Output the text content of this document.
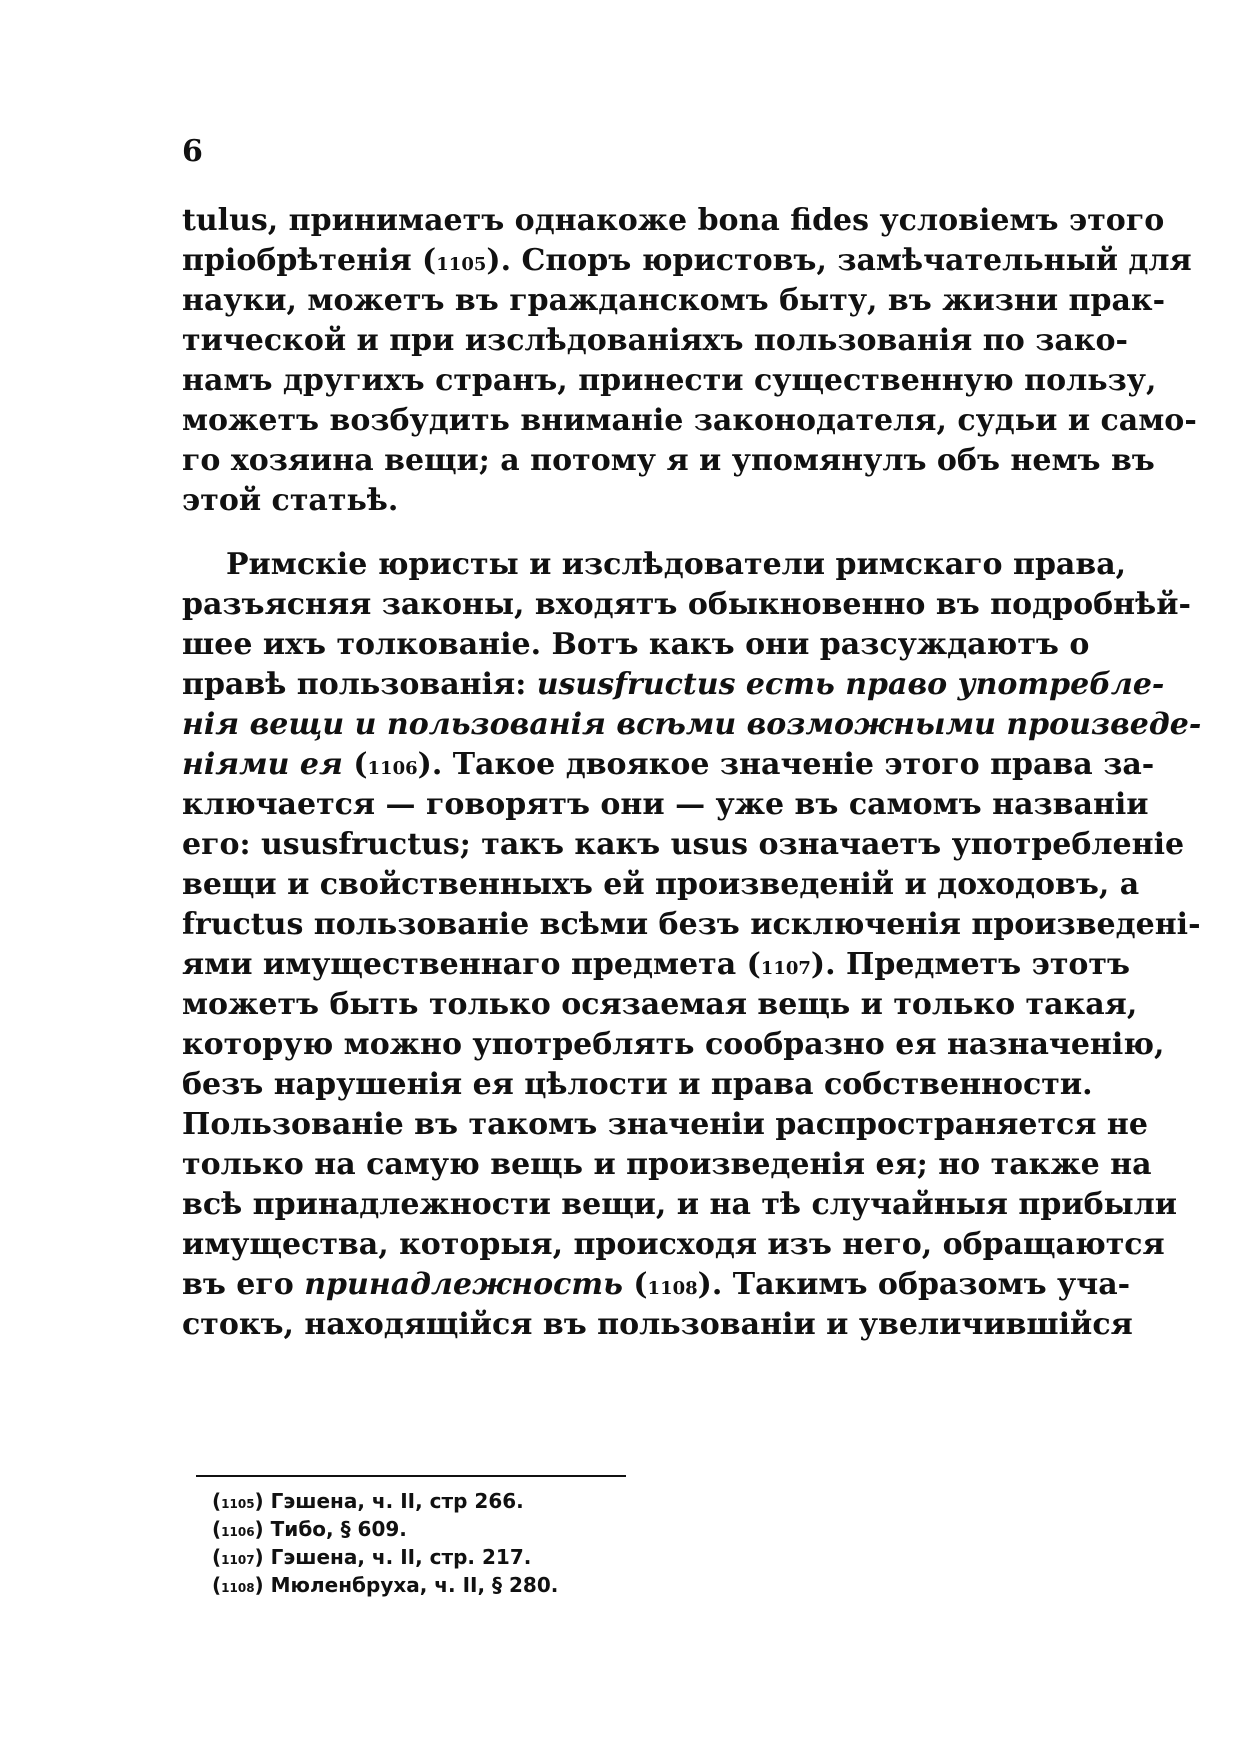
6

tulus, принимаетъ однакоже bona fides условіемъ этого

пріобрѣтенія ($^{1105}$). Споръ юристовъ, замѣчательный для

науки, можетъ въ гражданскомъ быту, въ жизни прак-

тической и при изслѣдованіяхъ пользованія по зако-

намъ другихъ странъ, принести существенную пользу,

можетъ возбудить вниманіе законодателя, судьи и само-

го хозяина вещи; а потому я и упомянулъ объ немъ въ

этой статьѣ.

Римскіе юристы и изслѣдователи римскаго права,

разъясняя законы, входятъ обыкновенно въ подробнѣй-

шее ихъ толкованіе. Вотъ какъ они разсуждаютъ о

правѣ пользованія: ususfructus есть право употребле-

нія вещи и пользованія всѣми возможными произведе-

ніями ея ($^{1106}$). Такое двоякое значеніе этого права за-

ключается — говорятъ они — уже въ самомъ названіи

его: ususfructus; такъ какъ usus означаетъ употребленіе

вещи и свойственныхъ ей произведеній и доходовъ, а

fructus пользованіе всѣми безъ исключенія произведені-

ями имущественнаго предмета ($^{1107}$). Предметъ этотъ

можетъ быть только осязаемая вещь и только такая,

которую можно употреблять сообразно ея назначенію,

безъ нарушенія ея цѣлости и права собственности.

Пользованіе въ такомъ значеніи распространяется не

только на самую вещь и произведенія ея; но также на

всѣ принадлежности вещи, и на тѣ случайныя прибыли

имущества, которыя, происходя изъ него, обращаются

въ его принадлежность ($^{1108}$). Такимъ образомъ уча-

стокъ, находящійся въ пользованіи и увеличившійся

($^{1105}$) Гэшена, ч. II, стр 266.

($^{1106}$) Тибо, § 609.

($^{1107}$) Гэшена, ч. II, стр. 217.

($^{1108}$) Мюленбруха, ч. II, § 280.
